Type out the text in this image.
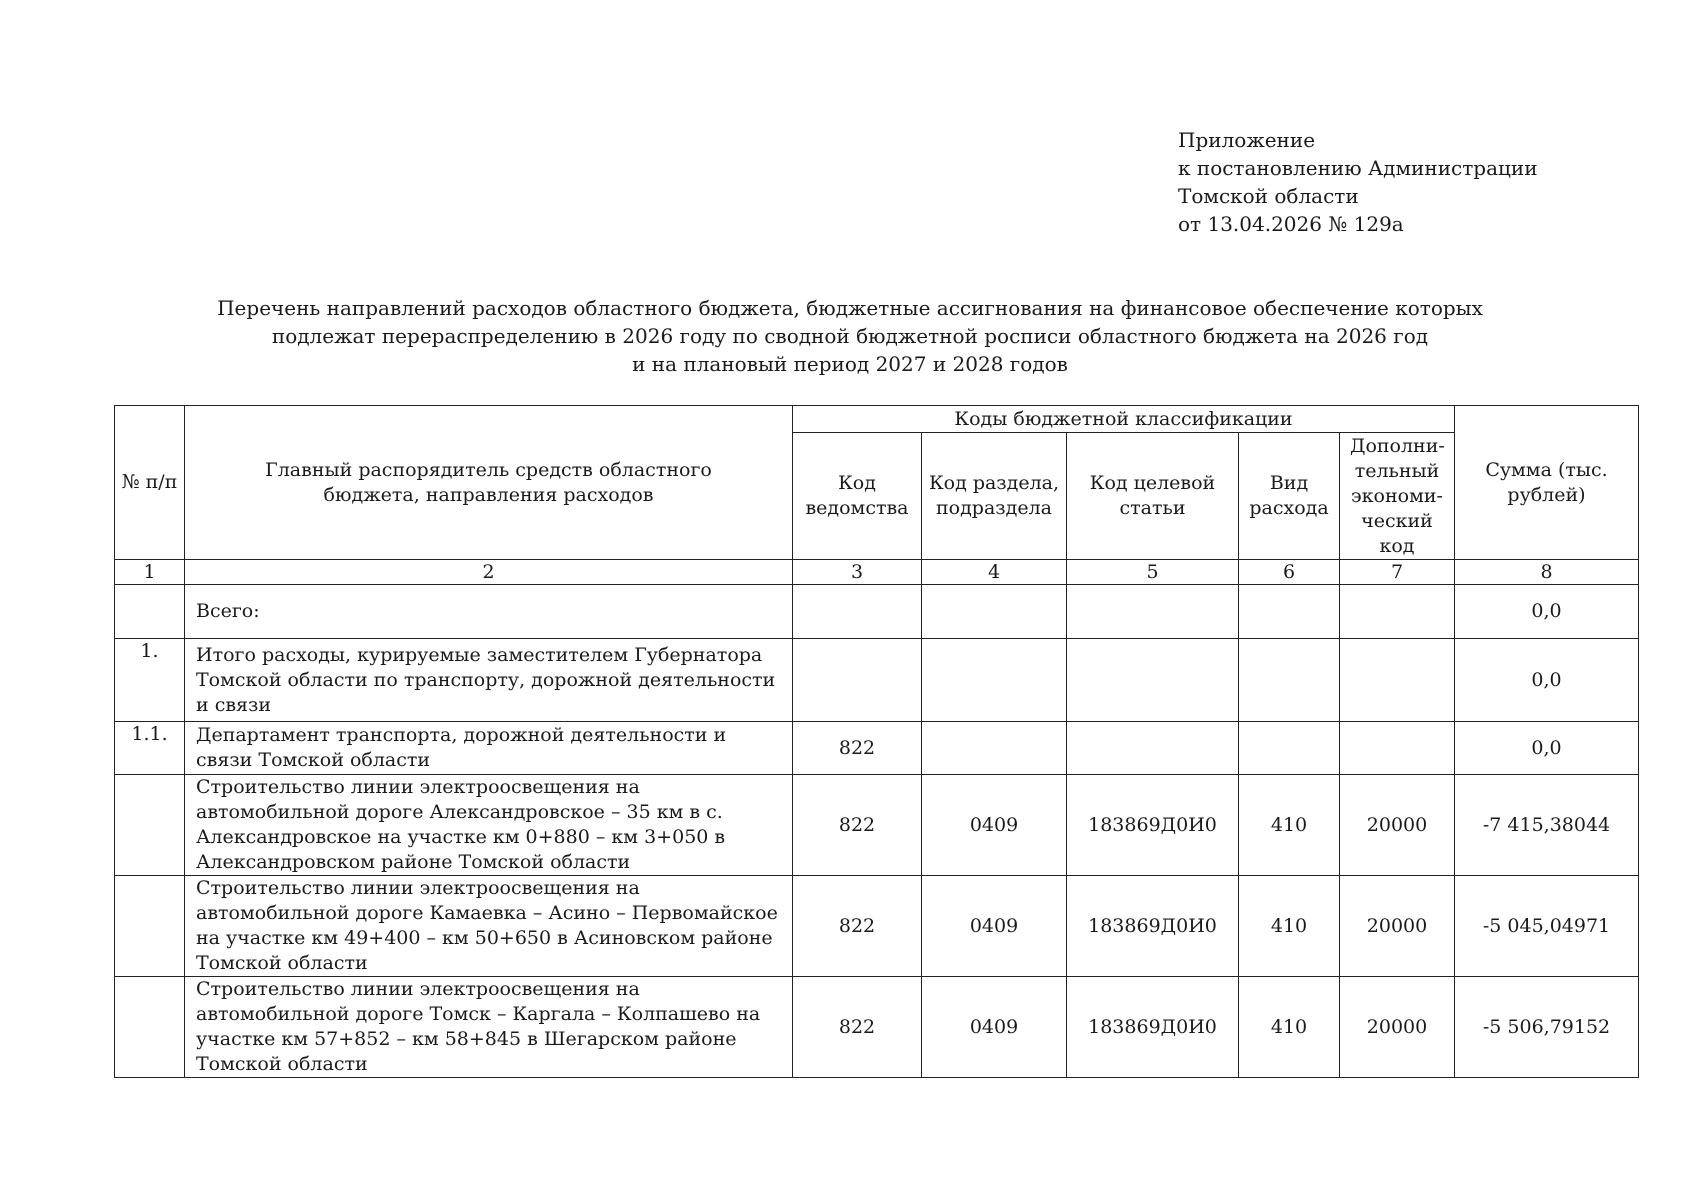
Приложение
к постановлению Администрации
Томской области
от 13.04.2026 № 129а
Перечень направлений расходов областного бюджета, бюджетные ассигнования на финансовое обеспечение которых
подлежат перераспределению в 2026 году по сводной бюджетной росписи областного бюджета на 2026 год
и на плановый период 2027 и 2028 годов
№ п/п	Главный распорядитель средств областного бюджета, направления расходов	Коды бюджетной классификации					Сумма (тыс. рублей)
		Код ведомства	Код раздела, подраздела	Код целевой статьи	Вид расхода	Дополни-тельный экономи-ческий код	
1	2	3	4	5	6	7	8
	Всего:						0,0
1.	Итого расходы, курируемые заместителем Губернатора Томской области по транспорту, дорожной деятельности и связи						0,0
1.1.	Департамент транспорта, дорожной деятельности и связи Томской области	822					0,0
	Строительство линии электроосвещения на автомобильной дороге Александровское – 35 км в с. Александровское на участке км 0+880 – км 3+050 в Александровском районе Томской области	822	0409	183869Д0И0	410	20000	-7 415,38044
	Строительство линии электроосвещения на автомобильной дороге Камаевка – Асино – Первомайское на участке км 49+400 – км 50+650 в Асиновском районе Томской области	822	0409	183869Д0И0	410	20000	-5 045,04971
	Строительство линии электроосвещения на автомобильной дороге Томск – Каргала – Колпашево на участке км 57+852 – км 58+845 в Шегарском районе Томской области	822	0409	183869Д0И0	410	20000	-5 506,79152
